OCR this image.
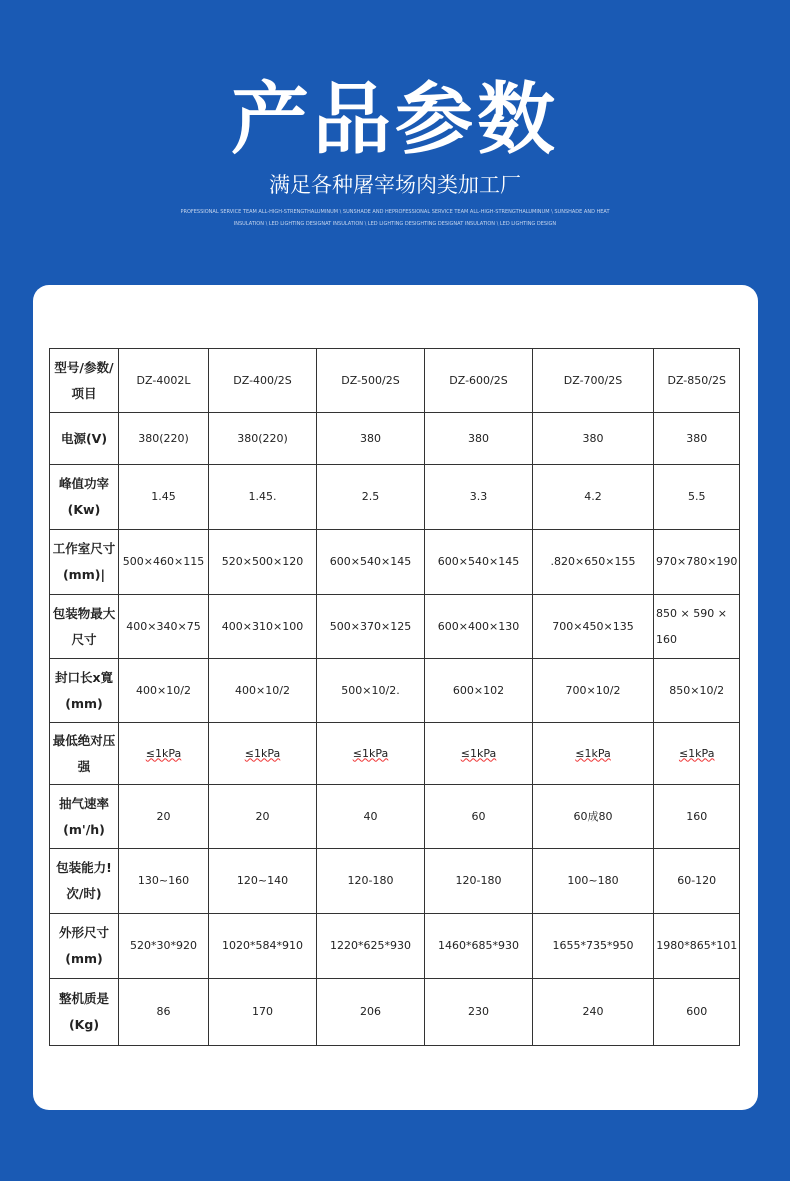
产品参数
满足各种屠宰场肉类加工厂
PROFESSIONAL SERVICE TEAM ALL-HIGH-STRENGTHALUMINUM \ SUNSHADE AND HEPROFESSIONAL SERVICE TEAM ALL-HIGH-STRENGTHALUMINUM \ SUNSHADE AND HEAT INSULATION \ LED LIGHTING DESIGNAT INSULATION \ LED LIGHTING DESIGHTING DESIGNAT INSULATION \ LED LIGHTING DESIGN
型号/参数/项目	DZ-4002L	DZ-400/2S	DZ-500/2S	DZ-600/2S	DZ-700/2S	DZ-850/2S
电源(V)	380(220)	380(220)	380	380	380	380
峰值功宰(Kw)	1.45	1.45.	2.5	3.3	4.2	5.5
工作室尺寸(mm)|	500×460×115	520×500×120	600×540×145	600×540×145	.820×650×155	970×780×190
包装物最大尺寸	400×340×75	400×310×100	500×370×125	600×400×130	700×450×135	850 × 590 × 160
封口长x寬(mm)	400×10/2	400×10/2	500×10/2.	600×102	700×10/2	850×10/2
最低绝对压强	≤1kPa	≤1kPa	≤1kPa	≤1kPa	≤1kPa	≤1kPa
抽气速率(m'/h)	20	20	40	60	60成80	160
包装能力!次/时)	130~160	120~140	120-180	120-180	100~180	60-120
外形尺寸(mm)	520*30*920	1020*584*910	1220*625*930	1460*685*930	1655*735*950	1980*865*101
整机质是(Kg)	86	170	206	230	240	600
